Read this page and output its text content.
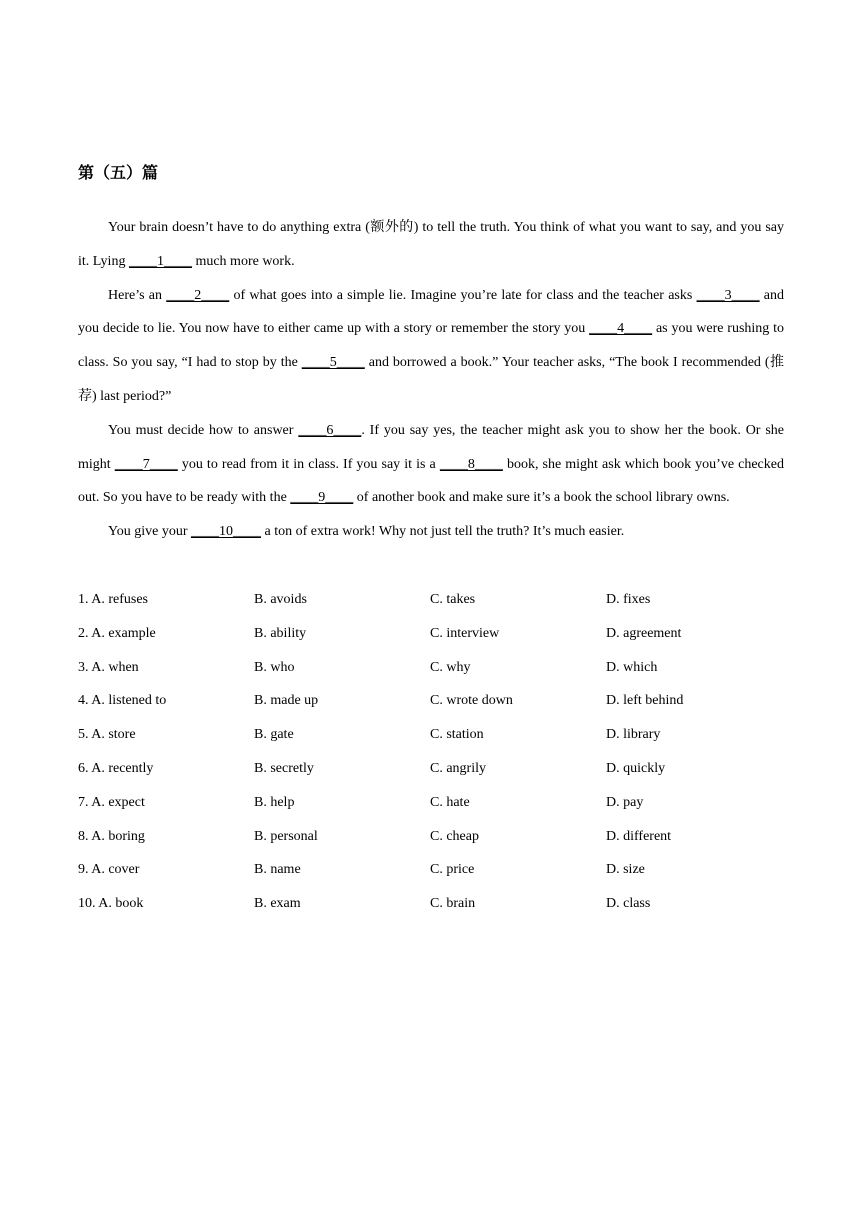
第（五）篇

Your brain doesn’t have to do anything extra (额外的) to tell the truth. You think of what you want to say, and you say it. Lying ____1____ much more work.

Here’s an ____2____ of what goes into a simple lie. Imagine you’re late for class and the teacher asks ____3____ and you decide to lie. You now have to either came up with a story or remember the story you ____4____ as you were rushing to class. So you say, “I had to stop by the ____5____ and borrowed a book.” Your teacher asks, “The book I recommended (推荐) last period?”

You must decide how to answer ____6____. If you say yes, the teacher might ask you to show her the book. Or she might ____7____ you to read from it in class. If you say it is a ____8____ book, she might ask which book you’ve checked out. So you have to be ready with the ____9____ of another book and make sure it’s a book the school library owns.

You give your ____10____ a ton of extra work! Why not just tell the truth? It’s much easier.

1. A. refuses	B. avoids	C. takes	D. fixes
2. A. example	B. ability	C. interview	D. agreement
3. A. when	B. who	C. why	D. which
4. A. listened to	B. made up	C. wrote down	D. left behind
5. A. store	B. gate	C. station	D. library
6. A. recently	B. secretly	C. angrily	D. quickly
7. A. expect	B. help	C. hate	D. pay
8. A. boring	B. personal	C. cheap	D. different
9. A. cover	B. name	C. price	D. size
10. A. book	B. exam	C. brain	D. class
